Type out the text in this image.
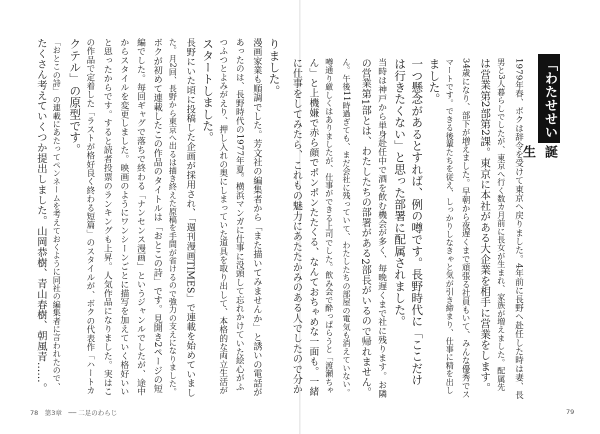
「わたせせいぞう」
誕生
1979年春、ボクは辞令を受けて東京へ戻りました。4年前に長野へ赴任した時は妻、長
男と3人暮らしでしたが、東京へ行く数カ月前に長女が生まれ、家族が増えました。配属先
は営業第2部第2課。東京に本社がある大企業を相手に営業をします。
34歳になり、部下が増えました。早朝から夜遅くまで頑張る社員もいて、みんな優秀でス
マートです。できる後輩たちを従え、しっかりしなきゃと気が引き締まり、仕事に精を出し
ました。
一つ懸念があるとすれば、例の噂です。長野時代に「ここだけ
は行きたくない」と思った部署に配属されました。
当時は神戸から単身赴任中で酒を飲む機会が多く、毎晩遅くまで社に残ります。お隣
の営業第1部とは、わたしたちの部署がある2部長がいるので帰れません。
ん。午後11時過ぎても、まだ会社に残っていて、わたしたちの部屋の電気も消えていない。
噂通り厳しくはありましたが、仕事ができる上司でした。飲み会で酔っぱらうと「渡瀬ちゃ
ん」と上機嫌で赤ら顔でポンポンたたくる、なんておちゃめな一面も。一緒
に仕事をしてみたら、これもの魅力にあたたかみのある人でしたので分か
りました。
漫画家業も順調でした。芳文社の編集者から「また描いてみませんか」と誘いの電話が
あったのは、長野時代の1977年夏。横浜マンガに仕事に没頭して忘れかけていた絵心がふ
つふつとよみがえり、押し入れの奥にしまっていた道具を取り出して、本格的な両立生活が
スタートしました。
長野にいた頃に投稿した企画が採用され、「週刊漫画TIMES」で連載を始めていまし
た。月2回、長野から東京へ出るは描き終えた原稿を手間が省けるので強力の支えになりました。
ボクが初めて連載したこの作品のタイトルは「おとこの詩」です。見開き2ページの短
編でした。毎回ギャグで落ちで終わる「ナンセンス漫画」というジャンルでしたが、途中
からスタイルを変更しました。映画のようにワンシーンごとに描写を加えていく格好いい
と思ったからです。すると読者投票のランキングも上昇。人気作品になりました。実はこ
の作品で定着した「ラストが格好良く終わる短篇」のスタイルが、ボクの代表作「ハートカ
クテル」の原型です。
「おとこの詩」の連載にあたってペンネームを考えておくように同社の編集者に言われたので、
たくさん考えていくつか提出しました。山岡恭樹、青山春樹、朝風青……。
78　第3章　── 二足のわらじ	79
